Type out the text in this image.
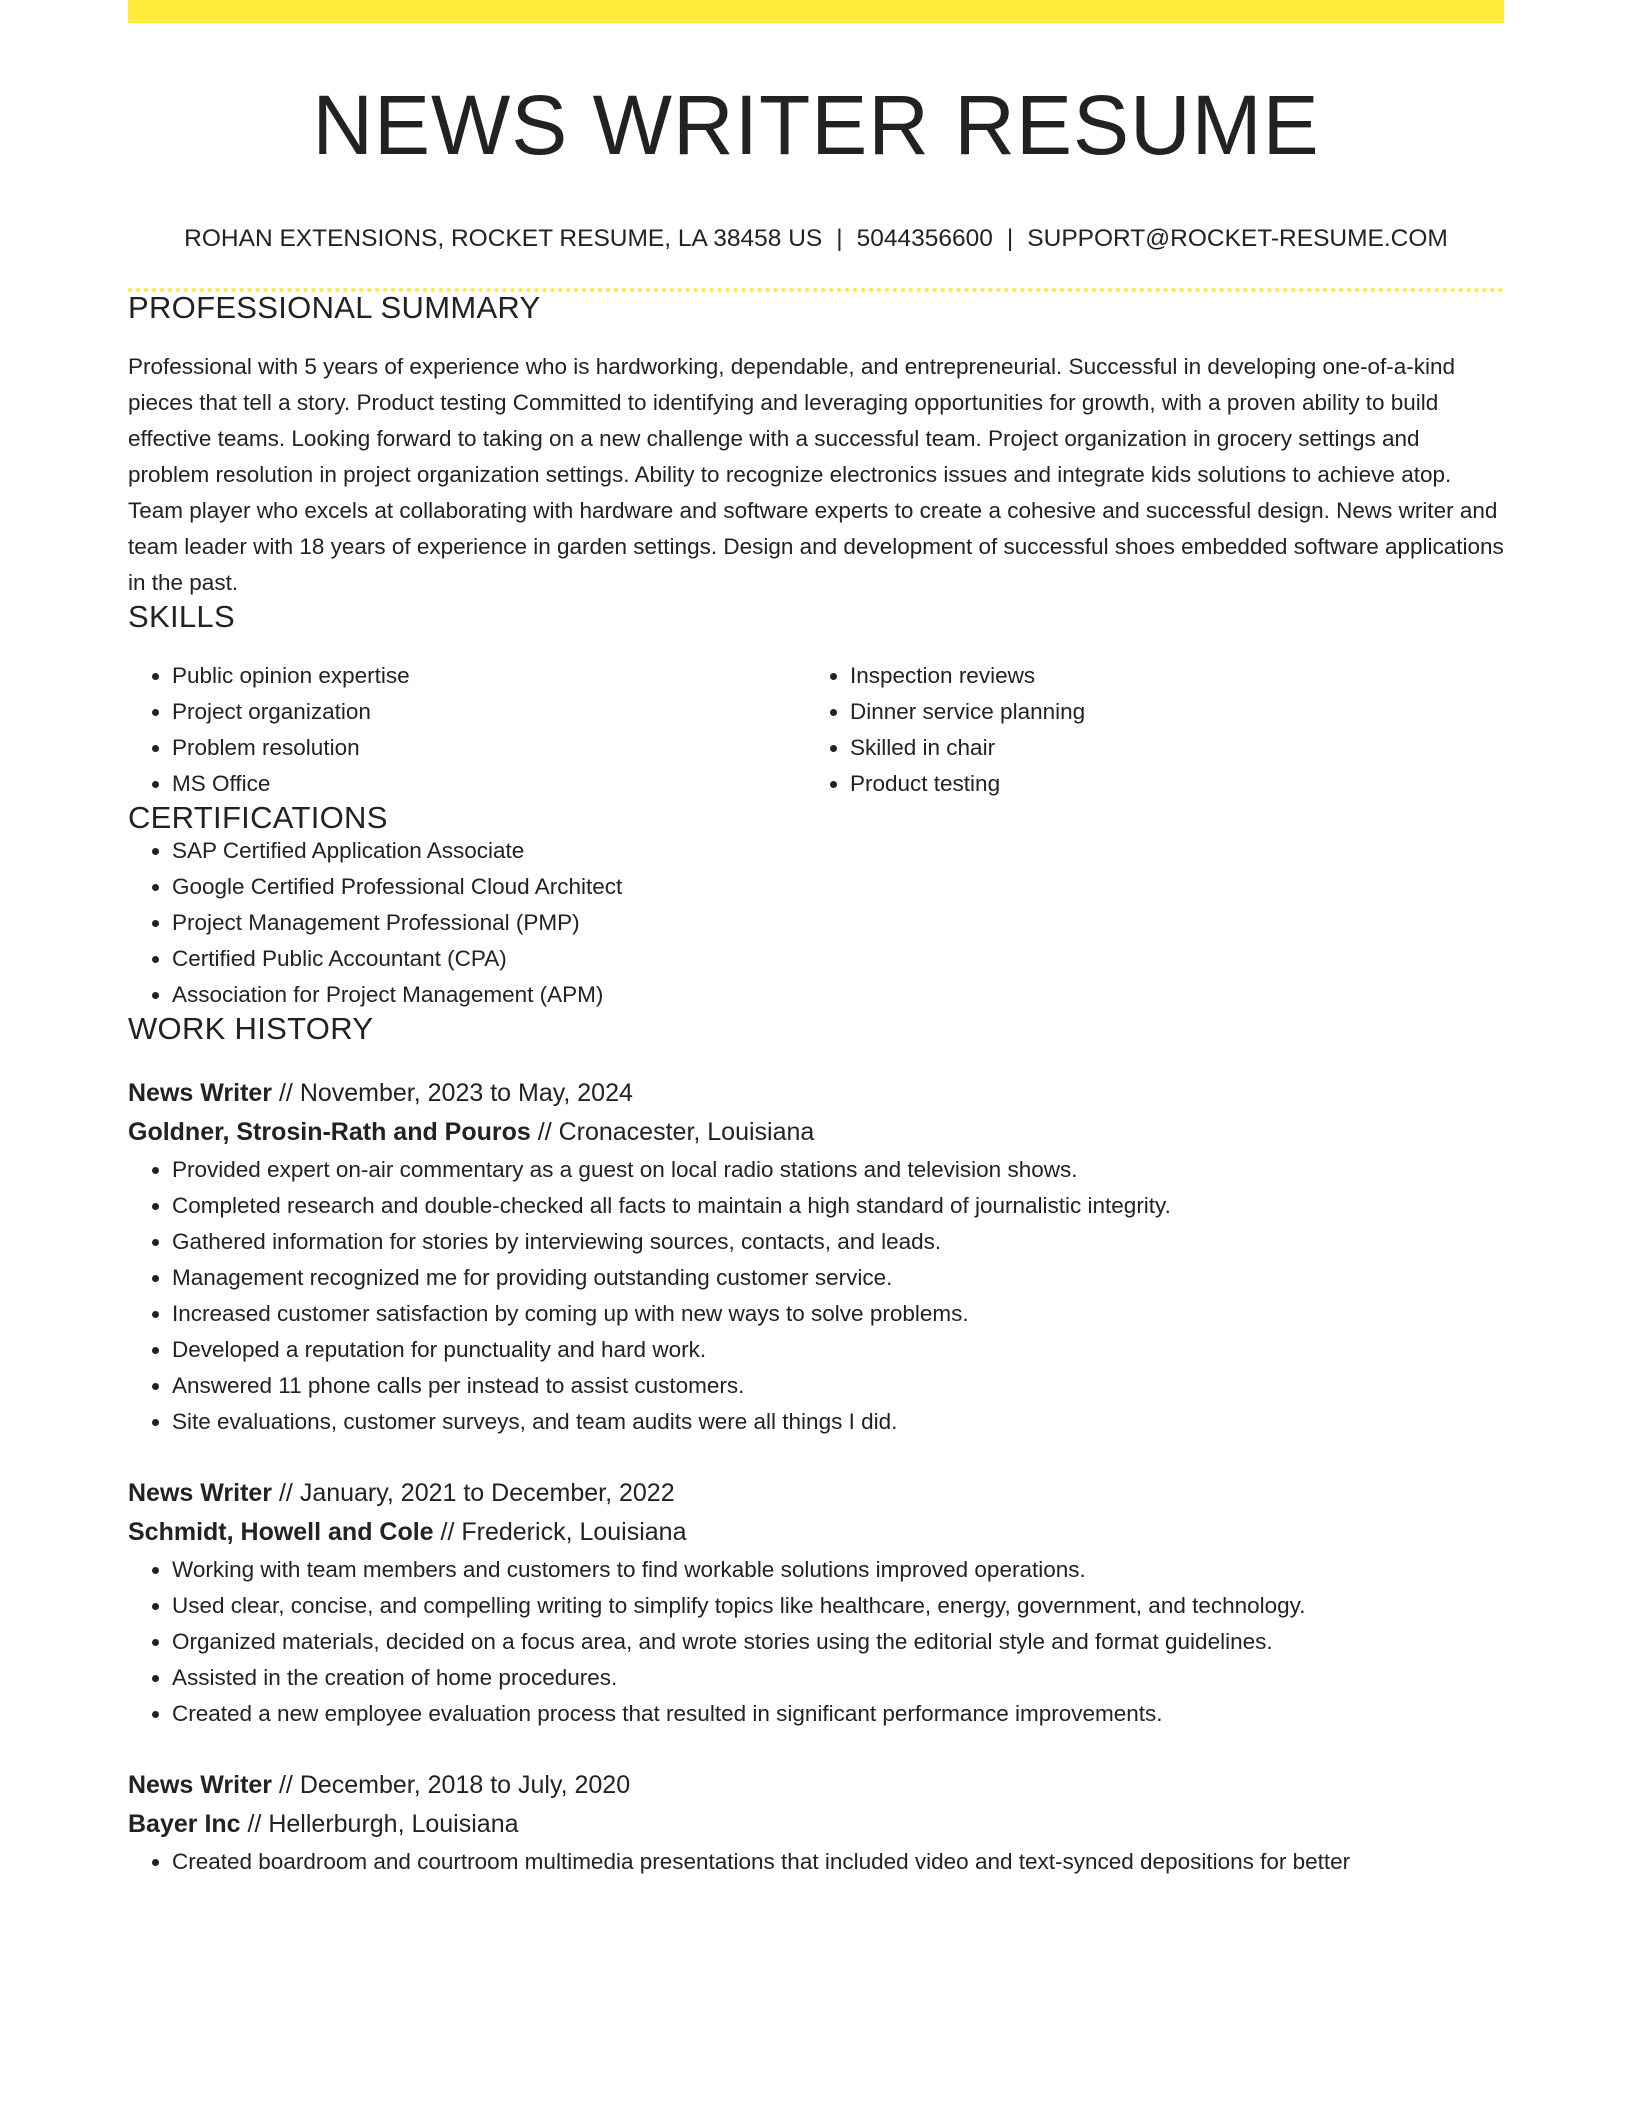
NEWS WRITER RESUME
ROHAN EXTENSIONS, ROCKET RESUME, LA 38458 US | 5044356600 | SUPPORT@ROCKET-RESUME.COM
PROFESSIONAL SUMMARY
Professional with 5 years of experience who is hardworking, dependable, and entrepreneurial. Successful in developing one-of-a-kind pieces that tell a story. Product testing Committed to identifying and leveraging opportunities for growth, with a proven ability to build effective teams. Looking forward to taking on a new challenge with a successful team. Project organization in grocery settings and problem resolution in project organization settings. Ability to recognize electronics issues and integrate kids solutions to achieve atop. Team player who excels at collaborating with hardware and software experts to create a cohesive and successful design. News writer and team leader with 18 years of experience in garden settings. Design and development of successful shoes embedded software applications in the past.
SKILLS
• Public opinion expertise
• Project organization
• Problem resolution
• MS Office
• Inspection reviews
• Dinner service planning
• Skilled in chair
• Product testing
CERTIFICATIONS
• SAP Certified Application Associate
• Google Certified Professional Cloud Architect
• Project Management Professional (PMP)
• Certified Public Accountant (CPA)
• Association for Project Management (APM)
WORK HISTORY
News Writer // November, 2023 to May, 2024
Goldner, Strosin-Rath and Pouros // Cronacester, Louisiana
• Provided expert on-air commentary as a guest on local radio stations and television shows.
• Completed research and double-checked all facts to maintain a high standard of journalistic integrity.
• Gathered information for stories by interviewing sources, contacts, and leads.
• Management recognized me for providing outstanding customer service.
• Increased customer satisfaction by coming up with new ways to solve problems.
• Developed a reputation for punctuality and hard work.
• Answered 11 phone calls per instead to assist customers.
• Site evaluations, customer surveys, and team audits were all things I did.
News Writer // January, 2021 to December, 2022
Schmidt, Howell and Cole // Frederick, Louisiana
• Working with team members and customers to find workable solutions improved operations.
• Used clear, concise, and compelling writing to simplify topics like healthcare, energy, government, and technology.
• Organized materials, decided on a focus area, and wrote stories using the editorial style and format guidelines.
• Assisted in the creation of home procedures.
• Created a new employee evaluation process that resulted in significant performance improvements.
News Writer // December, 2018 to July, 2020
Bayer Inc // Hellerburgh, Louisiana
• Created boardroom and courtroom multimedia presentations that included video and text-synced depositions for better
